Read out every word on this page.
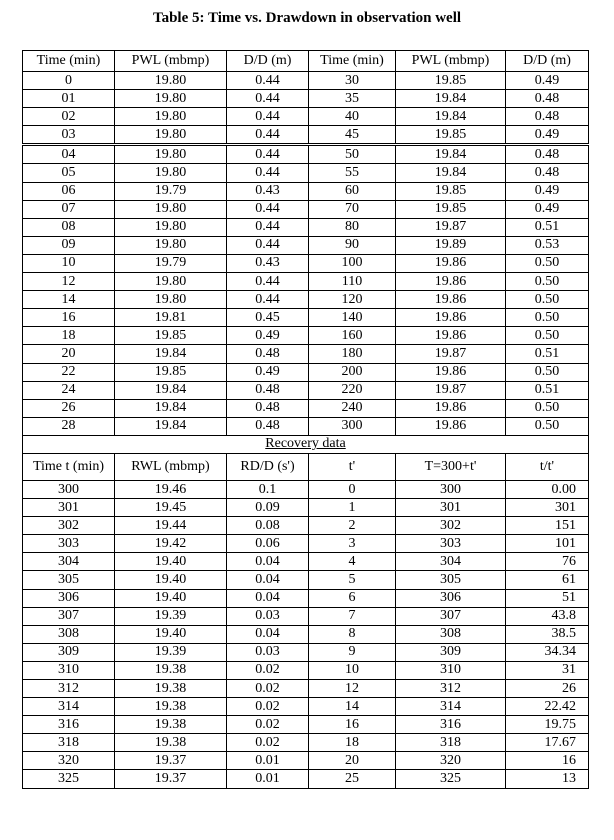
Table 5: Time vs. Drawdown in observation well
Time (min)	PWL (mbmp)	D/D (m)	Time (min)	PWL (mbmp)	D/D (m)
0	19.80	0.44	30	19.85	0.49
01	19.80	0.44	35	19.84	0.48
02	19.80	0.44	40	19.84	0.48
03	19.80	0.44	45	19.85	0.49
04	19.80	0.44	50	19.84	0.48
05	19.80	0.44	55	19.84	0.48
06	19.79	0.43	60	19.85	0.49
07	19.80	0.44	70	19.85	0.49
08	19.80	0.44	80	19.87	0.51
09	19.80	0.44	90	19.89	0.53
10	19.79	0.43	100	19.86	0.50
12	19.80	0.44	110	19.86	0.50
14	19.80	0.44	120	19.86	0.50
16	19.81	0.45	140	19.86	0.50
18	19.85	0.49	160	19.86	0.50
20	19.84	0.48	180	19.87	0.51
22	19.85	0.49	200	19.86	0.50
24	19.84	0.48	220	19.87	0.51
26	19.84	0.48	240	19.86	0.50
28	19.84	0.48	300	19.86	0.50
Recovery data					
Time t (min)	RWL (mbmp)	RD/D (s')	t'	T=300+t'	t/t'
300	19.46	0.1	0	300	0.00
301	19.45	0.09	1	301	301
302	19.44	0.08	2	302	151
303	19.42	0.06	3	303	101
304	19.40	0.04	4	304	76
305	19.40	0.04	5	305	61
306	19.40	0.04	6	306	51
307	19.39	0.03	7	307	43.8
308	19.40	0.04	8	308	38.5
309	19.39	0.03	9	309	34.34
310	19.38	0.02	10	310	31
312	19.38	0.02	12	312	26
314	19.38	0.02	14	314	22.42
316	19.38	0.02	16	316	19.75
318	19.38	0.02	18	318	17.67
320	19.37	0.01	20	320	16
325	19.37	0.01	25	325	13
